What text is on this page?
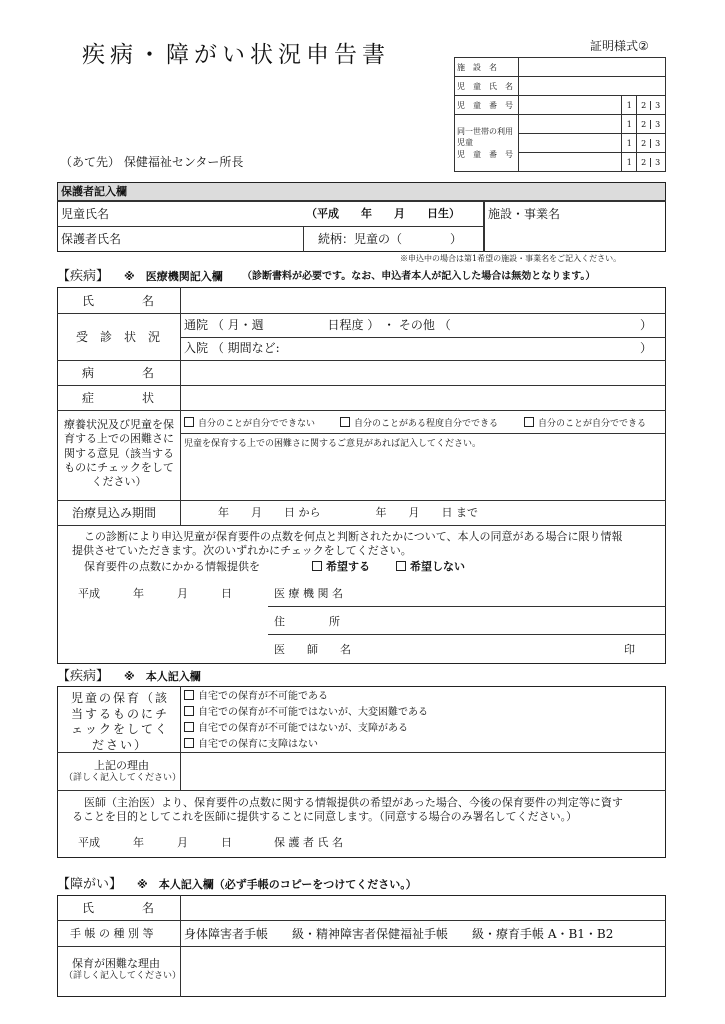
疾病・障がい状況申告書	証明様式②
（あて先） 保健福祉センター所長
施　設　名			
児　童　氏　名			
児　童　番　号		1	2 3
同一世帯の利用児童
児　童　番　号		1	2 3
		1	2 3
		1	2 3
保護者記入欄
児童氏名	（平成　　年　　月　　日生） 施設・事業名
保護者氏名	続柄：児童の（　　　　）
※申込中の場合は第1希望の施設・事業名をご記入ください。
【疾病】 ※　医療機関記入欄 （診断書料が必要です。なお、申込者本人が記入した場合は無効となります。）
氏　　　　名
受　診　状　況
通院 （ 月・週　　　　　 日程度 ） ・ その他 （	）
入院 （ 期間など:	）
病　　　　名
症　　　　状
療養状況及び児童を保育する上での困難さに関する意見（該当するものにチェックをしてください）
自分のことが自分でできない	自分のことがある程度自分でできる	自分のことが自分でできる
児童を保育する上での困難さに関するご意見があれば記入してください。
治療見込み期間	年　　月　　日 から　　　　　年　　月　　日 まで
この診断により申込児童が保育要件の点数を何点と判断されたかについて、本人の同意がある場合に限り情報
提供させていただきます。次のいずれかにチェックをしてください。
保育要件の点数にかかる情報提供を	希望する	希望しない
平成　　　年　　　月　　　日	医 療 機 関 名
住　　　　所
医　　師　　名	印
【疾病】 ※　本人記入欄
児童の保育（該当するものにチェックをしてください）
自宅での保育が不可能である
自宅での保育が不可能ではないが、大変困難である
自宅での保育が不可能ではないが、支障がある
自宅での保育に支障はない
上記の理由
（詳しく記入してください）
医師（主治医）より、保育要件の点数に関する情報提供の希望があった場合、今後の保育要件の判定等に資す
ることを目的としてこれを医師に提供することに同意します。（同意する場合のみ署名してください。）
平成　　　年　　　月　　　日	保 護 者 氏 名
【障がい】 ※　本人記入欄（必ず手帳のコピーをつけてください。）
氏　　　　名
手 帳 の 種 別 等	身体障害者手帳　　級・精神障害者保健福祉手帳　　級・療育手帳 A・B1・B2
保育が困難な理由
（詳しく記入してください）
